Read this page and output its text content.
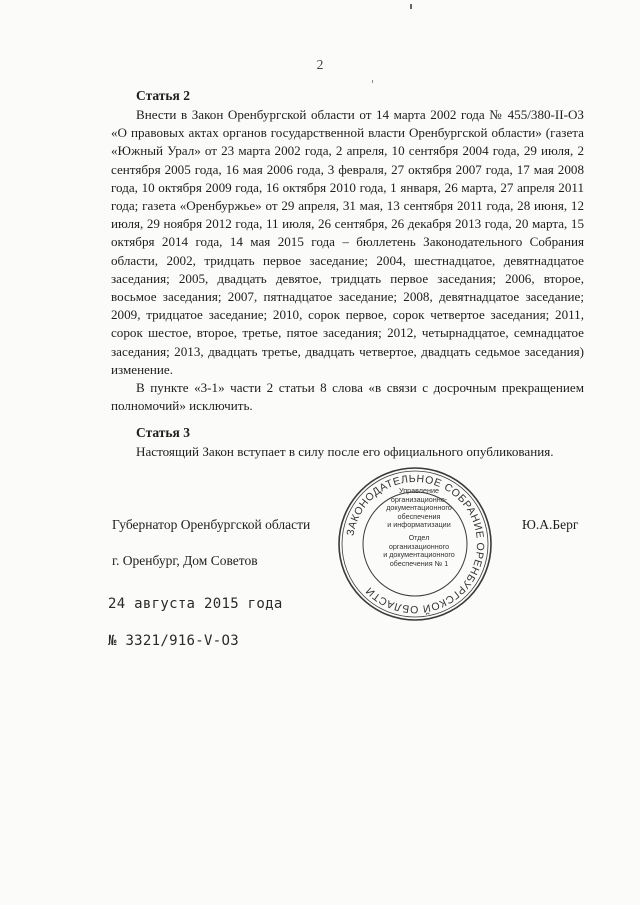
2
Статья 2

Внести в Закон Оренбургской области от 14 марта 2002 года № 455/380-II-ОЗ «О правовых актах органов государственной власти Оренбургской области» (газета «Южный Урал» от 23 марта 2002 года, 2 апреля, 10 сентября 2004 года, 29 июля, 2 сентября 2005 года, 16 мая 2006 года, 3 февраля, 27 октября 2007 года, 17 мая 2008 года, 10 октября 2009 года, 16 октября 2010 года, 1 января, 26 марта, 27 апреля 2011 года; газета «Оренбуржье» от 29 апреля, 31 мая, 13 сентября 2011 года, 28 июня, 12 июля, 29 ноября 2012 года, 11 июля, 26 сентября, 26 декабря 2013 года, 20 марта, 15 октября 2014 года, 14 мая 2015 года – бюллетень Законодательного Собрания области, 2002, тридцать первое заседание; 2004, шестнадцатое, девятнадцатое заседания; 2005, двадцать девятое, тридцать первое заседания; 2006, второе, восьмое заседания; 2007, пятнадцатое заседание; 2008, девятнадцатое заседание; 2009, тридцатое заседание; 2010, сорок первое, сорок четвертое заседания; 2011, сорок шестое, второе, третье, пятое заседания; 2012, четырнадцатое, семнадцатое заседания; 2013, двадцать третье, двадцать четвертое, двадцать седьмое заседания) изменение.

В пункте «3-1» части 2 статьи 8 слова «в связи с досрочным прекращением полномочий» исключить.

Статья 3

Настоящий Закон вступает в силу после его официального опубликования.

ЗАКОНОДАТЕЛЬНОЕ СОБРАНИЕ ОРЕНБУРГСКОЙ ОБЛАСТИ
Управление
организационно-
документационного
обеспечения
и информатизации
Отдел организационного
и документационного
обеспечения № 1
Губернатор Оренбургской области	Ю.А.Берг
г. Оренбург, Дом Советов
24 августа 2015 года
№ 3321/916-V-ОЗ
